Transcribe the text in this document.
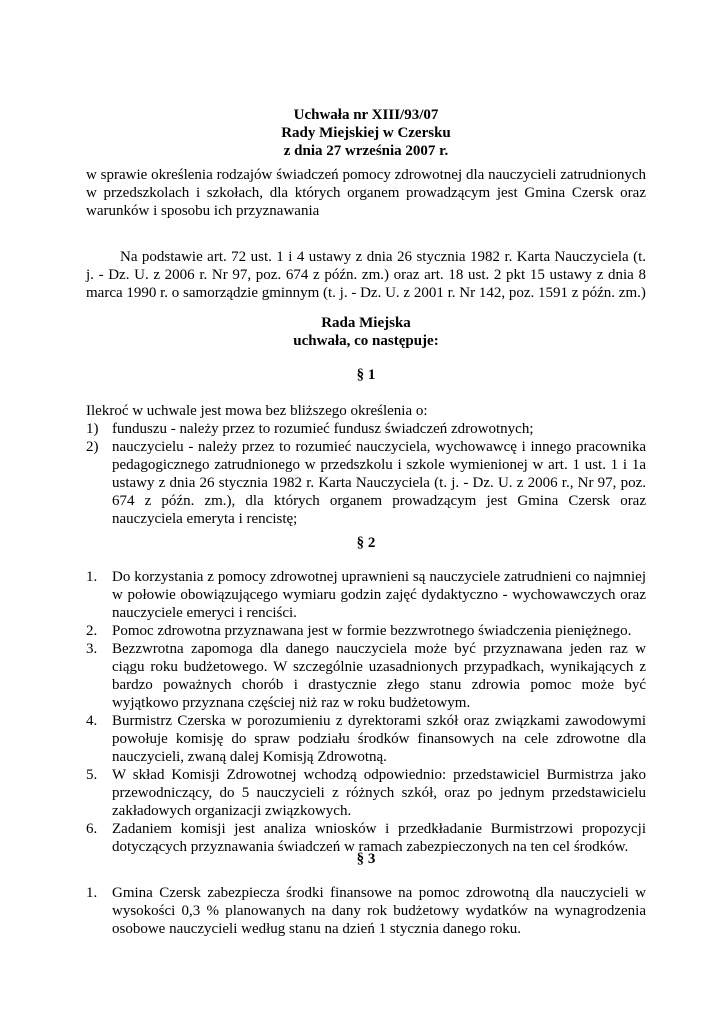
Uchwała nr XIII/93/07
Rady Miejskiej w Czersku
z dnia 27 września 2007 r.
w sprawie określenia rodzajów świadczeń pomocy zdrowotnej dla nauczycieli zatrudnionych w przedszkolach i szkołach, dla których organem prowadzącym jest Gmina Czersk oraz warunków i sposobu ich przyznawania
Na podstawie art. 72 ust. 1 i 4 ustawy z dnia 26 stycznia 1982 r. Karta Nauczyciela (t. j. - Dz. U. z 2006 r. Nr 97, poz. 674 z późn. zm.) oraz art. 18 ust. 2 pkt 15 ustawy z dnia 8 marca 1990 r. o samorządzie gminnym (t. j. - Dz. U. z 2001 r. Nr 142, poz. 1591 z późn. zm.)
Rada Miejska
uchwała, co następuje:
§ 1
Ilekroć w uchwale jest mowa bez bliższego określenia o:
1) funduszu - należy przez to rozumieć fundusz świadczeń zdrowotnych;
2) nauczycielu - należy przez to rozumieć nauczyciela, wychowawcę i innego pracownika pedagogicznego zatrudnionego w przedszkolu i szkole wymienionej w art. 1 ust. 1 i 1a ustawy z dnia 26 stycznia 1982 r. Karta Nauczyciela (t. j. - Dz. U. z 2006 r., Nr 97, poz. 674 z późn. zm.), dla których organem prowadzącym jest Gmina Czersk oraz nauczyciela emeryta i rencistę;
§ 2
1. Do korzystania z pomocy zdrowotnej uprawnieni są nauczyciele zatrudnieni co najmniej w połowie obowiązującego wymiaru godzin zajęć dydaktyczno - wychowawczych oraz nauczyciele emeryci i renciści.
2. Pomoc zdrowotna przyznawana jest w formie bezzwrotnego świadczenia pieniężnego.
3. Bezzwrotna zapomoga dla danego nauczyciela może być przyznawana jeden raz w ciągu roku budżetowego. W szczególnie uzasadnionych przypadkach, wynikających z bardzo poważnych chorób i drastycznie złego stanu zdrowia pomoc może być wyjątkowo przyznana częściej niż raz w roku budżetowym.
4. Burmistrz Czerska w porozumieniu z dyrektorami szkół oraz związkami zawodowymi powołuje komisję do spraw podziału środków finansowych na cele zdrowotne dla nauczycieli, zwaną dalej Komisją Zdrowotną.
5. W skład Komisji Zdrowotnej wchodzą odpowiednio: przedstawiciel Burmistrza jako przewodniczący, do 5 nauczycieli z różnych szkół, oraz po jednym przedstawicielu zakładowych organizacji związkowych.
6. Zadaniem komisji jest analiza wniosków i przedkładanie Burmistrzowi propozycji dotyczących przyznawania świadczeń w ramach zabezpieczonych na ten cel środków.
§ 3
1. Gmina Czersk zabezpiecza środki finansowe na pomoc zdrowotną dla nauczycieli w wysokości 0,3 % planowanych na dany rok budżetowy wydatków na wynagrodzenia osobowe nauczycieli według stanu na dzień 1 stycznia danego roku.
